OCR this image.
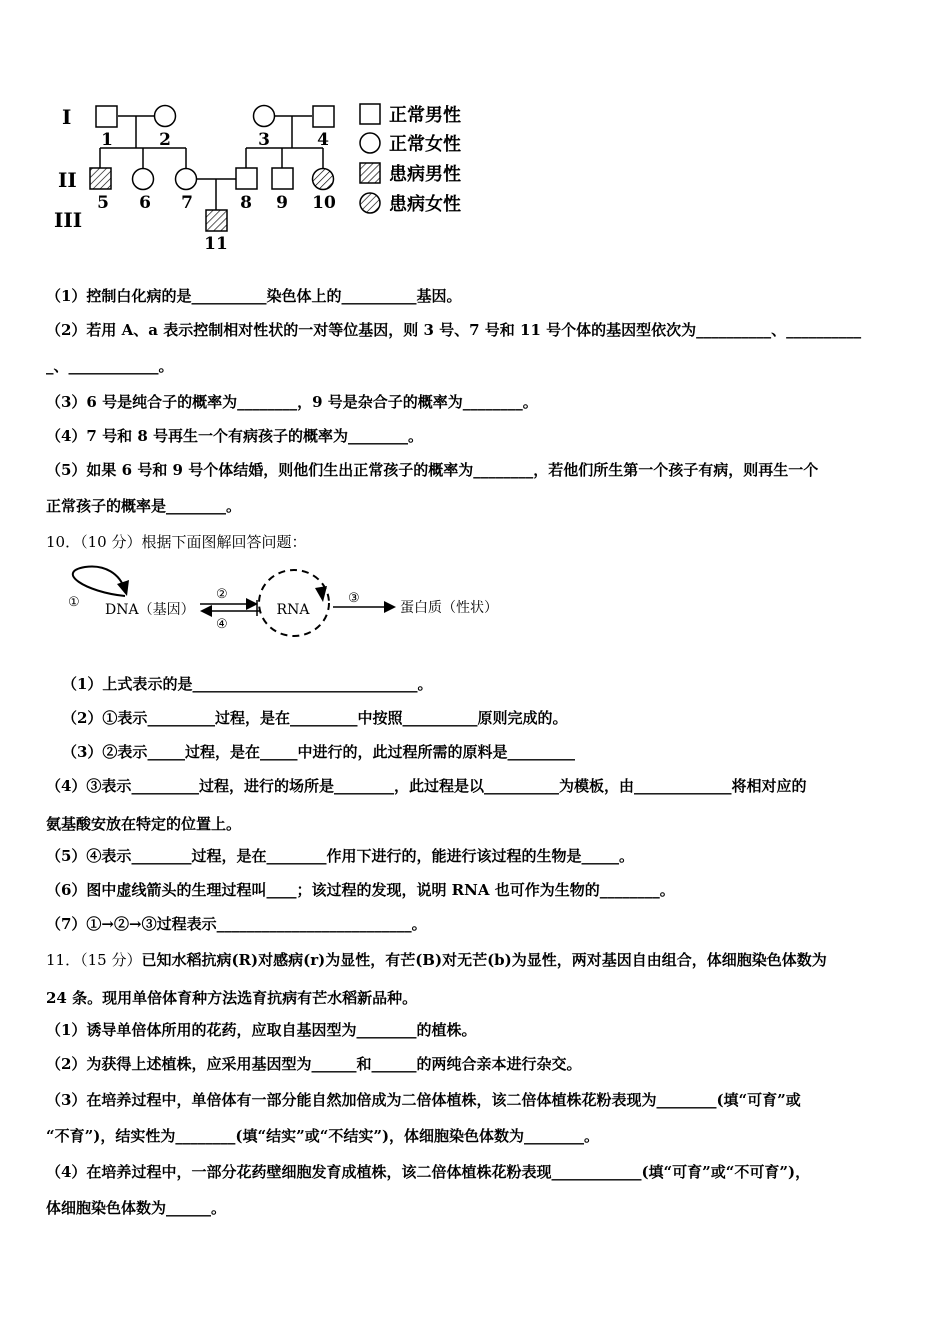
I
II
III
1	2	3	4
5 6 7	8 9 10
11
正常男性
正常女性
患病男性
患病女性
（1）控制白化病的是__________染色体上的__________基因。
（2）若用 A、a 表示控制相对性状的一对等位基因，则 3 号、7 号和 11 号个体的基因型依次为__________、__________
_、____________。
（3）6 号是纯合子的概率为________，9 号是杂合子的概率为________。
（4）7 号和 8 号再生一个有病孩子的概率为________。
（5）如果 6 号和 9 号个体结婚，则他们生出正常孩子的概率为________，若他们所生第一个孩子有病，则再生一个
正常孩子的概率是________。
10．（10 分）根据下面图解回答问题：
DNA（基因）	RNA	蛋白质（性状）
①
②	③
④
（1）上式表示的是______________________________。
（2）①表示_________过程，是在_________中按照__________原则完成的。
（3）②表示_____过程，是在_____中进行的，此过程所需的原料是_________
（4）③表示_________过程，进行的场所是________，此过程是以__________为模板，由_____________将相对应的
氨基酸安放在特定的位置上。
（5）④表示________过程，是在________作用下进行的，能进行该过程的生物是_____。
（6）图中虚线箭头的生理过程叫____；该过程的发现，说明 RNA 也可作为生物的________。
（7）①→②→③过程表示__________________________。
11．（15 分）已知水稻抗病(R)对感病(r)为显性，有芒(B)对无芒(b)为显性，两对基因自由组合，体细胞染色体数为
24 条。现用单倍体育种方法选育抗病有芒水稻新品种。
（1）诱导单倍体所用的花药，应取自基因型为________的植株。
（2）为获得上述植株，应采用基因型为______和______的两纯合亲本进行杂交。
（3）在培养过程中，单倍体有一部分能自然加倍成为二倍体植株，该二倍体植株花粉表现为________(填“可育”或
“不育”)，结实性为________(填“结实”或“不结实”)，体细胞染色体数为________。
（4）在培养过程中，一部分花药壁细胞发育成植株，该二倍体植株花粉表现____________(填“可育”或“不可育”)，
体细胞染色体数为______。
